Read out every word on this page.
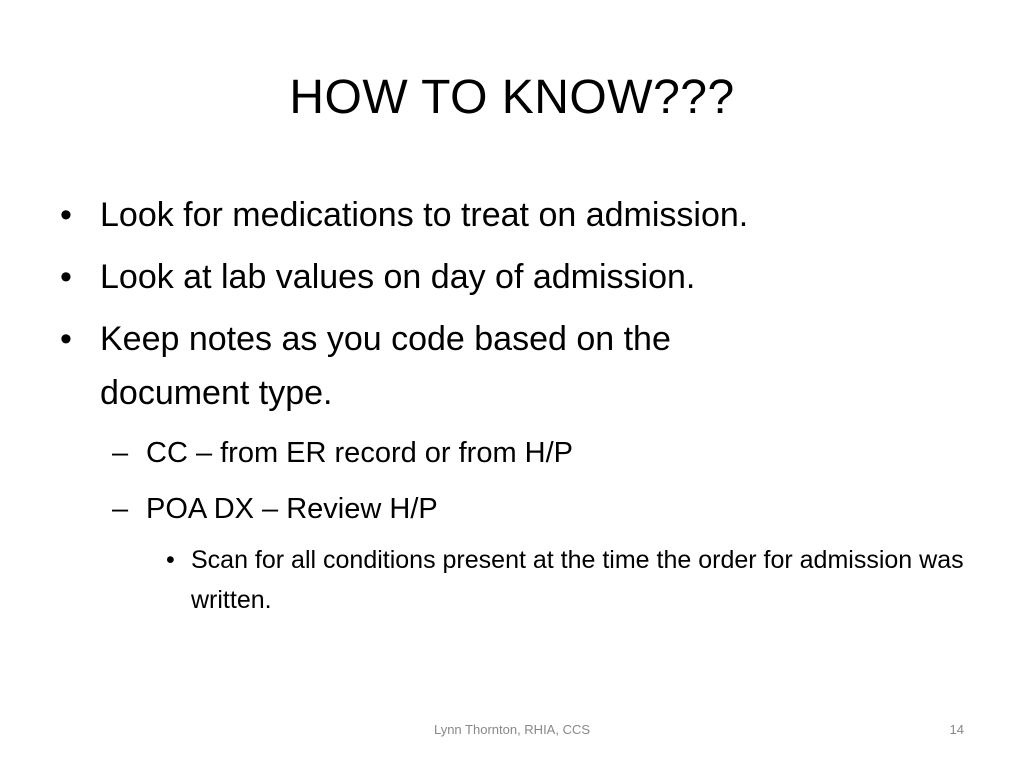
HOW TO KNOW???
• Look for medications to treat on admission.
• Look at lab values on day of admission.
• Keep notes as you code based on the document type.
– CC – from ER record or from H/P
– POA DX – Review H/P
• Scan for all conditions present at the time the order for admission was written.
Lynn Thornton, RHIA, CCS	14
